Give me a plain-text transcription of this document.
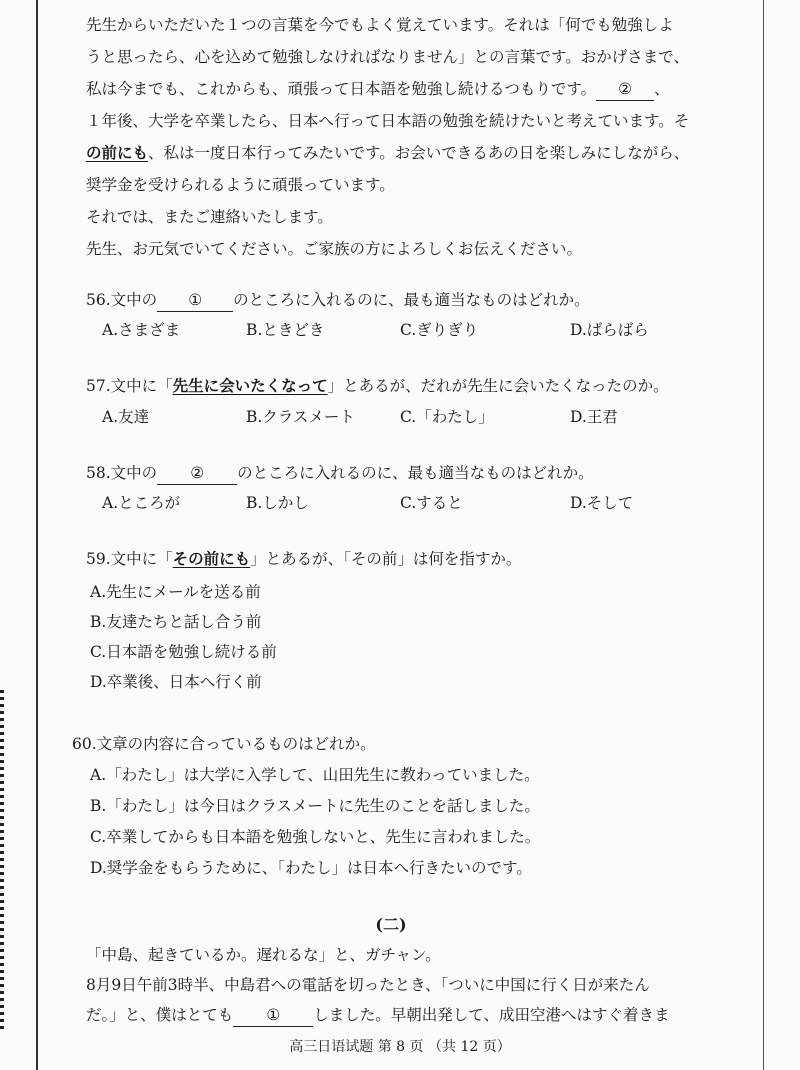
先生からいただいた１つの言葉を今でもよく覚えています。それは「何でも勉強しよ
うと思ったら、心を込めて勉強しなければなりません」との言葉です。おかげさまで、
私は今までも、これからも、頑張って日本語を勉強し続けるつもりです。 ② 、
１年後、大学を卒業したら、日本へ行って日本語の勉強を続けたいと考えています。そ
の前にも、私は一度日本行ってみたいです。お会いできるあの日を楽しみにしながら、
奨学金を受けられるように頑張っています。
それでは、またご連絡いたします。
先生、お元気でいてください。ご家族の方によろしくお伝えください。
56.文中の ① のところに入れるのに、最も適当なものはどれか。
A.さまざま	B.ときどき	C.ぎりぎり	D.ばらばら
57.文中に「先生に会いたくなって」とあるが、だれが先生に会いたくなったのか。
A.友達	B.クラスメート	C.「わたし」	D.王君
58.文中の ② のところに入れるのに、最も適当なものはどれか。
A.ところが	B.しかし	C.すると	D.そして
59.文中に「その前にも」とあるが、「その前」は何を指すか。
A.先生にメールを送る前
B.友達たちと話し合う前
C.日本語を勉強し続ける前
D.卒業後、日本へ行く前
60.文章の内容に合っているものはどれか。
A.「わたし」は大学に入学して、山田先生に教わっていました。
B.「わたし」は今日はクラスメートに先生のことを話しました。
C.卒業してからも日本語を勉強しないと、先生に言われました。
D.奨学金をもらうために、「わたし」は日本へ行きたいのです。
(二)
「中島、起きているか。遅れるな」と、ガチャン。
8月9日午前3時半、中島君への電話を切ったとき、「ついに中国に行く日が来たん
だ。」と、僕はとても ① しました。早朝出発して、成田空港へはすぐ着きま
高三日语试题 第 8 页 （共 12 页）
